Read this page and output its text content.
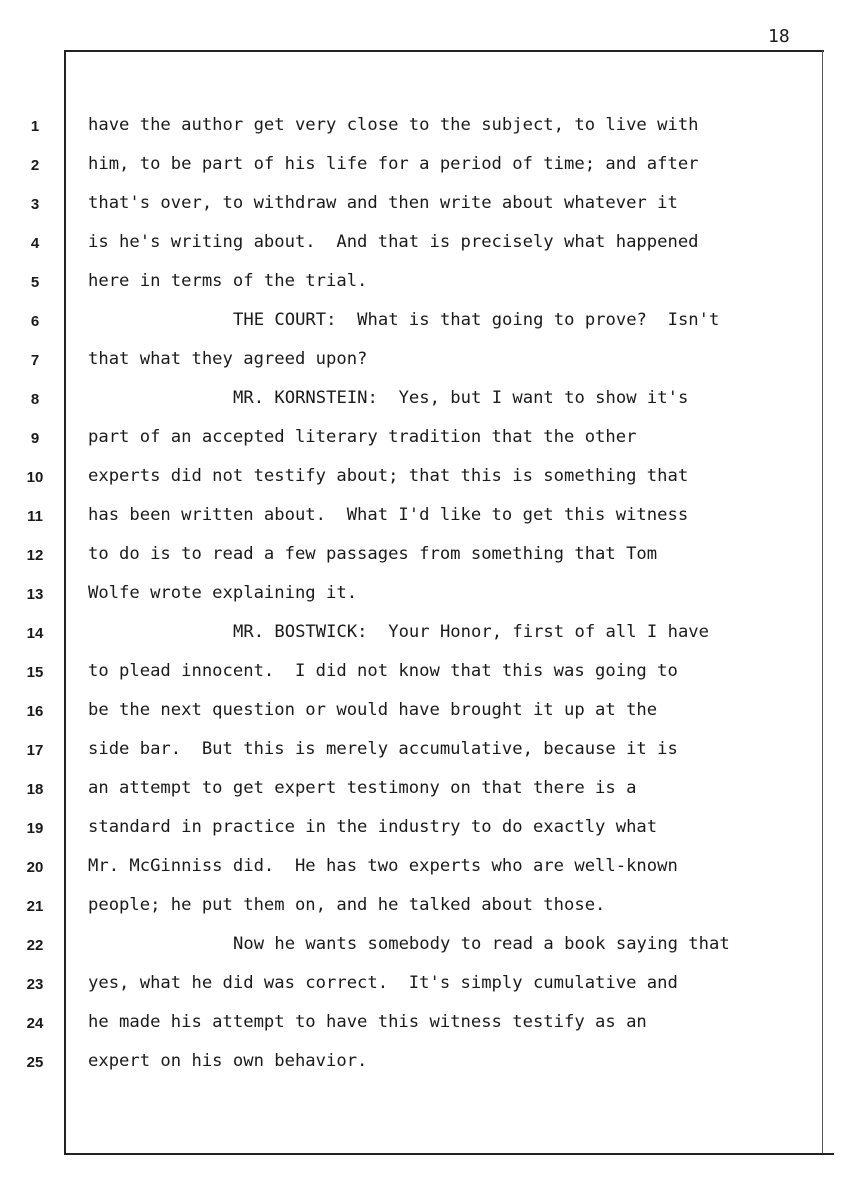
18
1	have the author get very close to the subject, to live with
2	him, to be part of his life for a period of time; and after
3	that's over, to withdraw and then write about whatever it
4	is he's writing about.  And that is precisely what happened
5	here in terms of the trial.
6	THE COURT:  What is that going to prove?  Isn't
7	that what they agreed upon?
8	MR. KORNSTEIN:  Yes, but I want to show it's
9	part of an accepted literary tradition that the other
10	experts did not testify about; that this is something that
11	has been written about.  What I'd like to get this witness
12	to do is to read a few passages from something that Tom
13	Wolfe wrote explaining it.
14	MR. BOSTWICK:  Your Honor, first of all I have
15	to plead innocent.  I did not know that this was going to
16	be the next question or would have brought it up at the
17	side bar.  But this is merely accumulative, because it is
18	an attempt to get expert testimony on that there is a
19	standard in practice in the industry to do exactly what
20	Mr. McGinniss did.  He has two experts who are well-known
21	people; he put them on, and he talked about those.
22	Now he wants somebody to read a book saying that
23	yes, what he did was correct.  It's simply cumulative and
24	he made his attempt to have this witness testify as an
25	expert on his own behavior.
